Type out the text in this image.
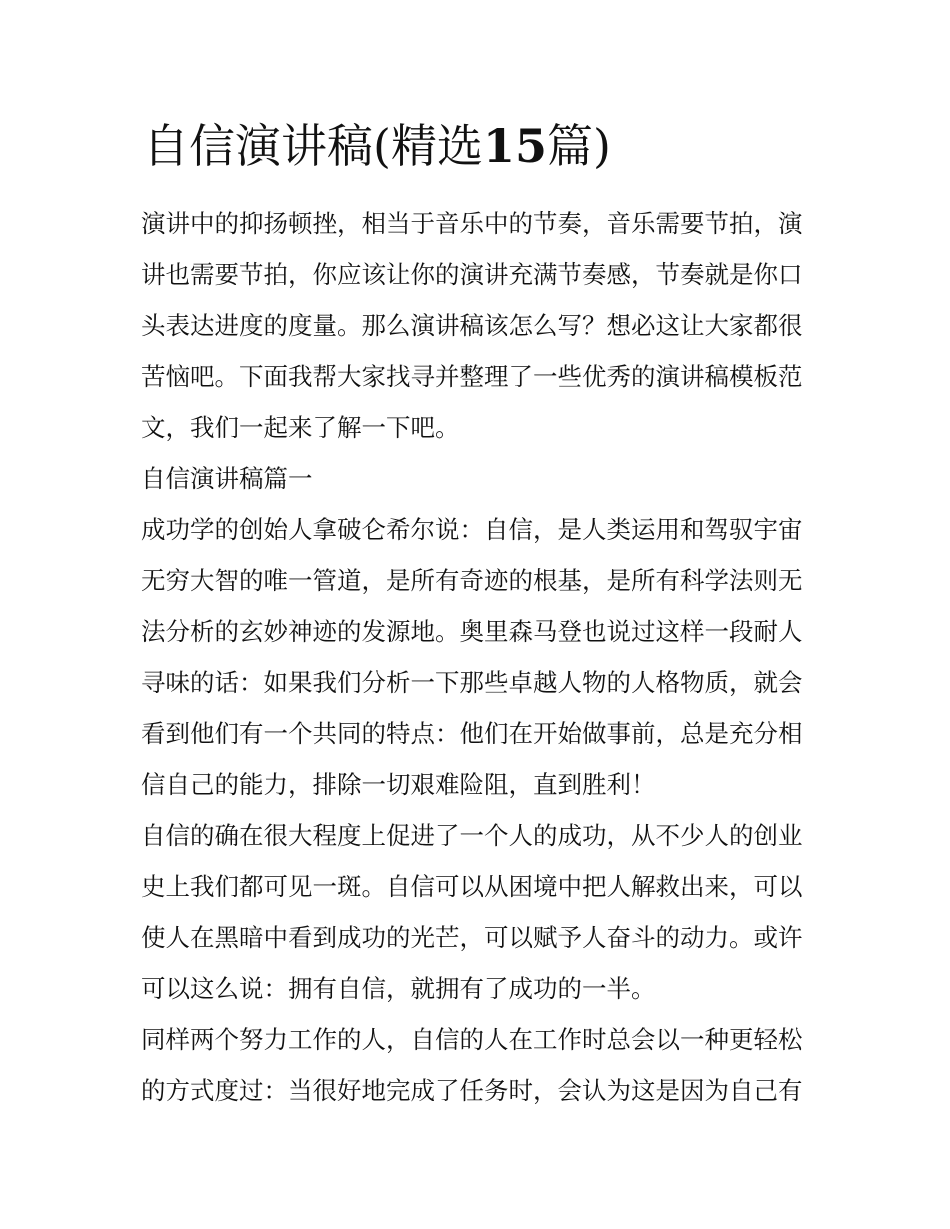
自信演讲稿(精选15篇)
演讲中的抑扬顿挫，相当于音乐中的节奏，音乐需要节拍，演
讲也需要节拍，你应该让你的演讲充满节奏感，节奏就是你口
头表达进度的度量。那么演讲稿该怎么写？想必这让大家都很
苦恼吧。下面我帮大家找寻并整理了一些优秀的演讲稿模板范
文，我们一起来了解一下吧。
自信演讲稿篇一
成功学的创始人拿破仑希尔说：自信，是人类运用和驾驭宇宙
无穷大智的唯一管道，是所有奇迹的根基，是所有科学法则无
法分析的玄妙神迹的发源地。奥里森马登也说过这样一段耐人
寻味的话：如果我们分析一下那些卓越人物的人格物质，就会
看到他们有一个共同的特点：他们在开始做事前，总是充分相
信自己的能力，排除一切艰难险阻，直到胜利！
自信的确在很大程度上促进了一个人的成功，从不少人的创业
史上我们都可见一斑。自信可以从困境中把人解救出来，可以
使人在黑暗中看到成功的光芒，可以赋予人奋斗的动力。或许
可以这么说：拥有自信，就拥有了成功的一半。
同样两个努力工作的人，自信的人在工作时总会以一种更轻松
的方式度过：当很好地完成了任务时，会认为这是因为自己有
